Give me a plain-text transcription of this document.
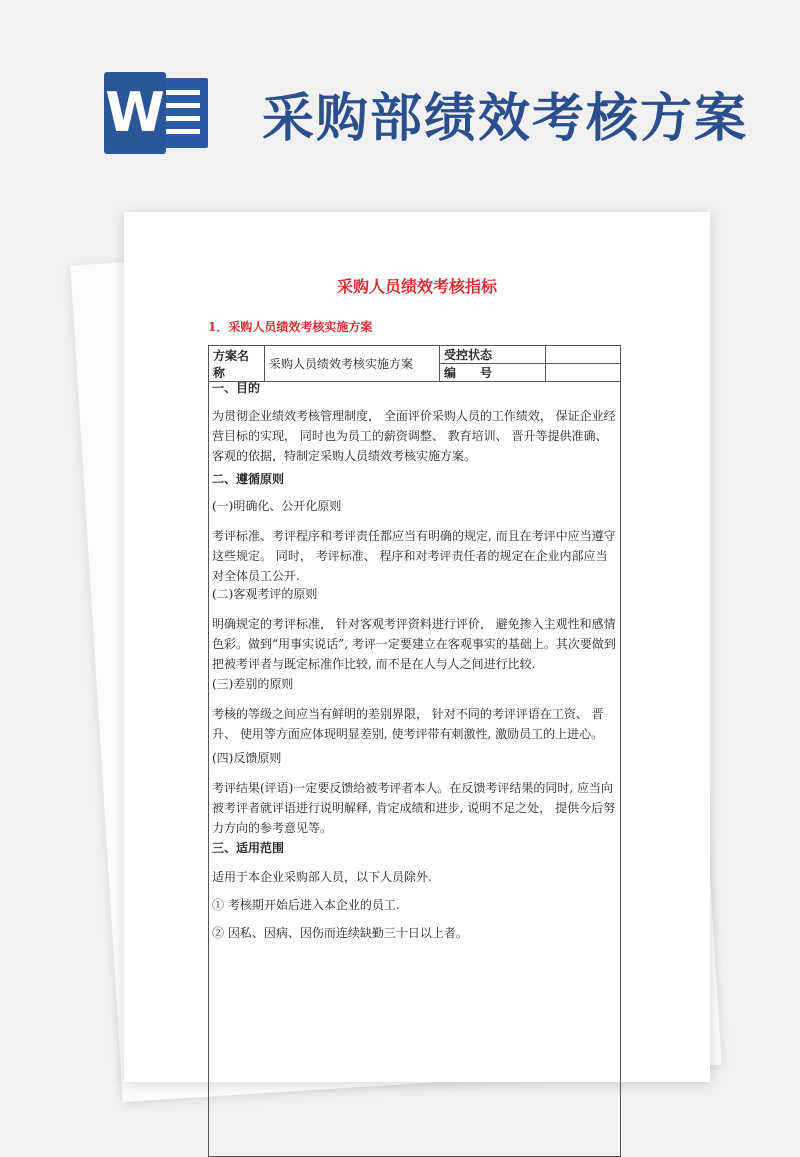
W 采购部绩效考核方案
采购人员绩效考核指标
1．采购人员绩效考核实施方案
方案名称	采购人员绩效考核实施方案	受控状态	
		编　　号	

一、目的

为贯彻企业绩效考核管理制度， 全面评价采购人员的工作绩效， 保证企业经营目标的实现， 同时也为员工的薪资调整、 教育培训、 晋升等提供准确、 客观的依据，特制定采购人员绩效考核实施方案。

二、遵循原则

(一)明确化、公开化原则

考评标准、考评程序和考评责任都应当有明确的规定, 而且在考评中应当遵守这些规定。 同时， 考评标准、 程序和对考评责任者的规定在企业内部应当对全体员工公开.

(二)客观考评的原则

明确规定的考评标准， 针对客观考评资料进行评价， 避免掺入主观性和感情色彩。做到“用事实说话”, 考评一定要建立在客观事实的基础上。其次要做到把被考评者与既定标准作比较, 而不是在人与人之间进行比较.

(三)差别的原则

考核的等级之间应当有鲜明的差别界限， 针对不同的考评评语在工资、 晋升、 使用等方面应体现明显差别, 使考评带有刺激性, 激励员工的上进心。

(四)反馈原则

考评结果(评语)一定要反馈给被考评者本人。在反馈考评结果的同时, 应当向被考评者就评语进行说明解释, 肯定成绩和进步, 说明不足之处， 提供今后努力方向的参考意见等。

三、适用范围

适用于本企业采购部人员，以下人员除外.

① 考核期开始后进入本企业的员工.

② 因私、因病、因伤而连续缺勤三十日以上者。
